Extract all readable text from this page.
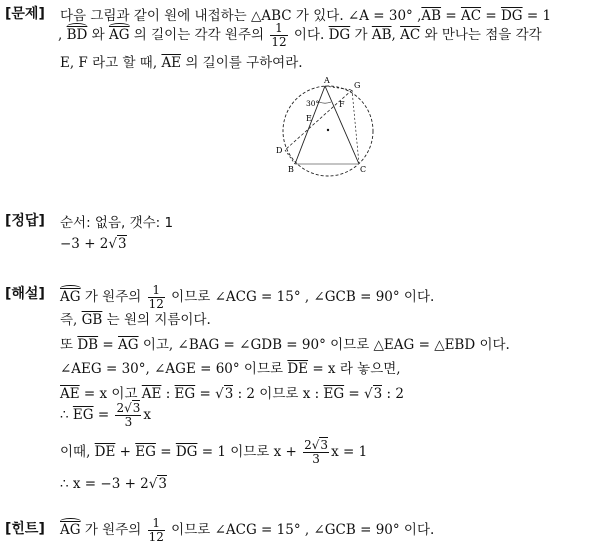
[문제]
[정답]
[해설]
[힌트]
다음 그림과 같이 원에 내접하는 △ABC 가 있다. ∠A = 30° $,\overline{AB} = \overline{AC} = \overline{DG} = 1$
, $\overline{BD}$ 와 $\overline{AG}$ 의 길이는 각각 원주의 $\frac{1}{12}$ 이다. $\overline{DG}$ 가 $\overline{AB}$, $\overline{AC}$ 와 만나는 점을 각각
E, F 라고 할 때, $\overline{AE}$ 의 길이를 구하여라.
A
G
F
E
D
B	C
30°
순서: 없음, 갯수: 1
−3 + 2√3
$\overline{AG}$ 가 원주의 $\frac{1}{12}$ 이므로 ∠ACG = 15° , ∠GCB = 90° 이다.
즉, $\overline{GB}$ 는 원의 지름이다.
또 $\overline{DB} = \overline{AG}$ 이고, ∠BAG = ∠GDB = 90° 이므로 △EAG = △EBD 이다.
∠AEG = 30°, ∠AGE = 60° 이므로 $\overline{DE} = x$ 라 놓으면,
$\overline{AE} = x$ 이고 $\overline{AE}$ : $\overline{EG} = √3$ : 2 이므로 x : $\overline{EG} = √3$ : 2
∴ $\overline{EG} = \frac{2√3}{3}$ x
이때, $\overline{DE} + \overline{EG} = \overline{DG} = 1$ 이므로 $x + \frac{2√3}{3}$ x = 1
∴ x = −3 + 2√3
$\overline{AG}$ 가 원주의 $\frac{1}{12}$ 이므로 ∠ACG = 15° , ∠GCB = 90° 이다.
